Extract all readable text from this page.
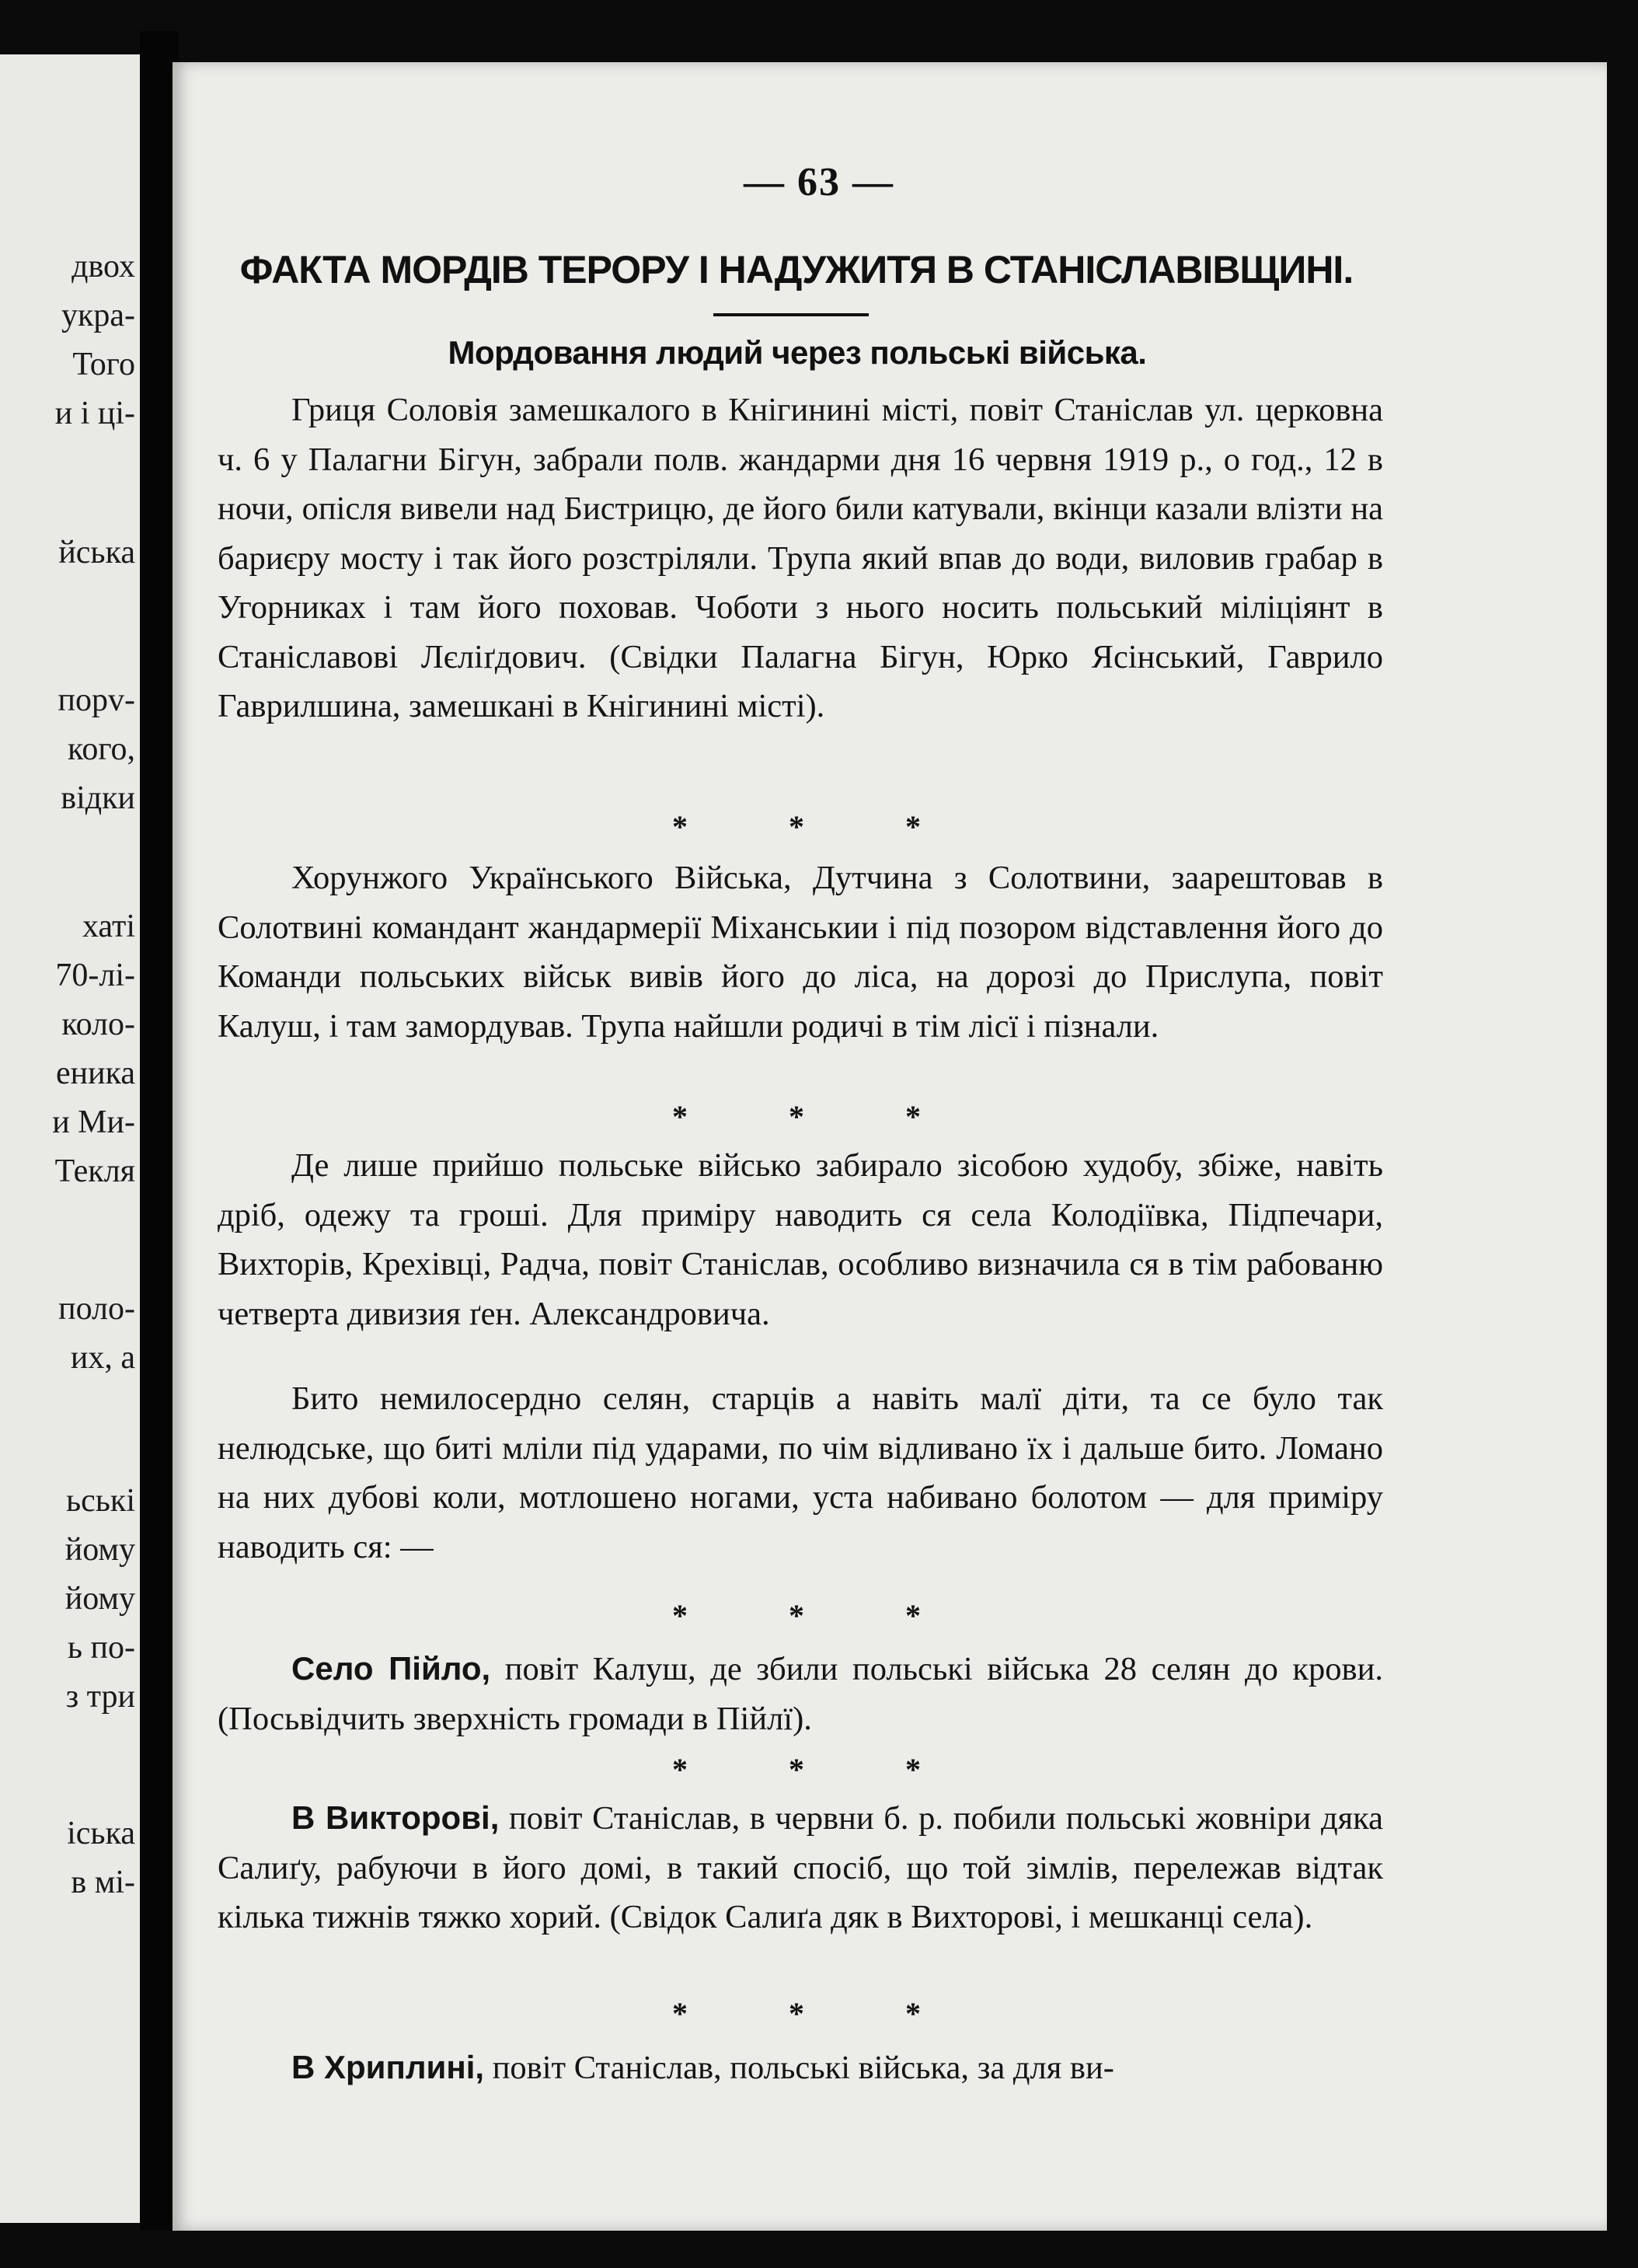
двох
укра-
Того
и і ці-
йська
порv-
кого,
відки
хаті
70-лі-
коло-
еника
и Ми-
Текля
поло-
их, а
ьські
йому
йому
ь по-
з три
іська
в мі-
— 63 —
ФАКТА МОРДІВ ТЕРОРУ І НАДУЖИТЯ В СТАНІСЛАВІВЩИНІ.
Мордовання людий через польські війська.

Гриця Соловія замешкалого в Кнігинині місті, повіт Станіслав ул. церковна ч. 6 у Палагни Бігун, забрали полв. жандарми дня 16 червня 1919 р., о год., 12 в ночи, опісля вивели над Бистрицю, де його били катували, вкінци казали влізти на бариєру мосту і так його розстріляли. Трупа який впав до води, виловив грабар в Угорниках і там його поховав. Чоботи з нього носить польський мiлiцiянт в Станіславові Лєлiґдович. (Свідки Палагна Бігун, Юрко Ясінський, Гаврило Гаврилшина, замешкані в Кнігинині місті).

*	*	*

Хорунжого Українського Війська, Дутчина з Солотвини, заарештовав в Солотвині командант жандармерії Міханськии і під позором відставлення його до Команди польських військ вивів його до ліса, на дорозі до Прислупа, повіт Калуш, і там замордував. Трупа найшли родичі в тім лісї і пізнали.

*	*	*

Де лише прийшо польське військо забирало зісобою худобу, збіже, навіть дріб, одежу та гроші. Для приміру наводить ся села Колодіївка, Підпечари, Вихторів, Крехівці, Радча, повіт Станіслав, особливо визначила ся в тім рабованю четверта дивизия ґен. Александровича.

Бито немилосердно селян, старців а навіть малї діти, та се було так нелюдське, що биті мліли під ударами, по чім відливано їх і дальше бито. Ломано на них дубові коли, мотлошено ногами, уста набивано болотом — для приміру наводить ся: —

*	*	*

Село Пійло, повіт Калуш, де збили польські війська 28 селян до крови. (Посьвідчить зверхність громади в Пійлї).

*	*	*

В Викторові, повіт Станіслав, в червни б. р. побили польські жовніри дяка Салиґу, рабуючи в його домі, в такий спосіб, що той зімлів, перележав відтак кілька тижнів тяжко хорий. (Свідок Салиґа дяк в Вихторові, і мешканці села).

*	*	*

В Хриплині, повіт Станіслав, польські війська, за для ви-
